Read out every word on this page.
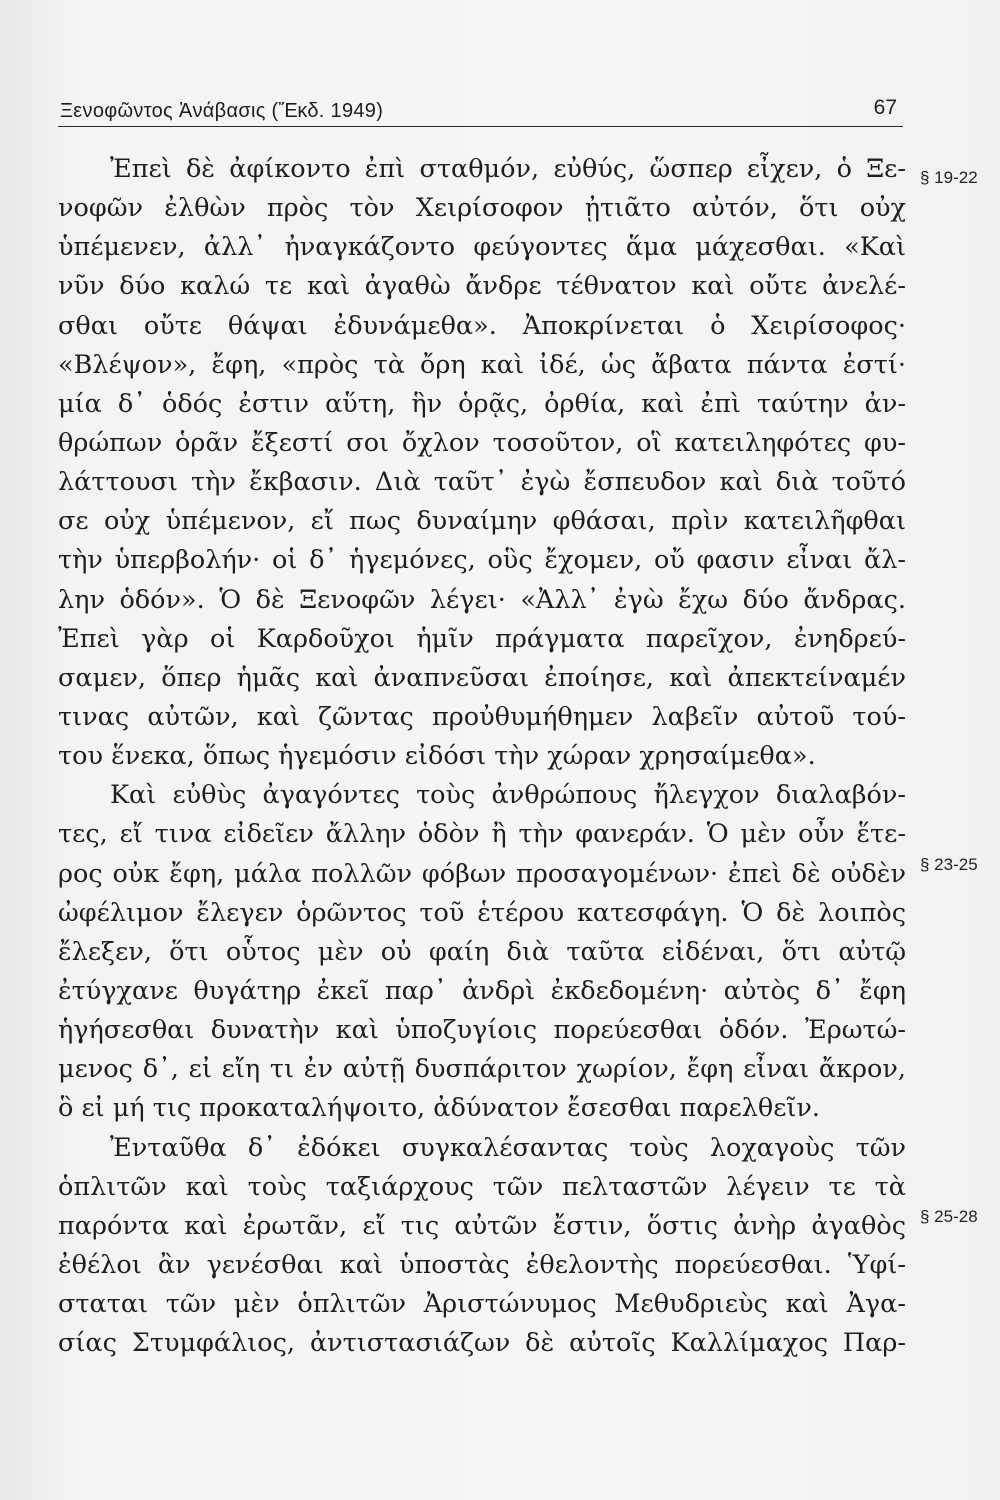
Ξενοφῶντος Ἀνάβασις (Ἔκδ. 1949)	67
Ἐπεὶ δὲ ἀφίκοντο ἐπὶ σταθμόν, εὐθύς, ὥσπερ εἶχεν, ὁ Ξε-
νοφῶν ἐλθὼν πρὸς τὸν Χειρίσοφον ᾐτιᾶτο αὐτόν, ὅτι οὐχ
ὑπέμενεν, ἀλλ᾽ ἠναγκάζοντο φεύγοντες ἅμα μάχεσθαι. «Καὶ
νῦν δύο καλώ τε καὶ ἀγαθὼ ἄνδρε τέθνατον καὶ οὔτε ἀνελέ-
σθαι οὔτε θάψαι ἐδυνάμεθα». Ἀποκρίνεται ὁ Χειρίσοφος·
«Βλέψον», ἔφη, «πρὸς τὰ ὄρη καὶ ἰδέ, ὡς ἄβατα πάντα ἐστί·
μία δ᾽ ὁδός ἐστιν αὕτη, ἣν ὁρᾷς, ὀρθία, καὶ ἐπὶ ταύτην ἀν-
θρώπων ὁρᾶν ἔξεστί σοι ὄχλον τοσοῦτον, οἳ κατειληφότες φυ-
λάττουσι τὴν ἔκβασιν. Διὰ ταῦτ᾽ ἐγὼ ἔσπευδον καὶ διὰ τοῦτό
σε οὐχ ὑπέμενον, εἴ πως δυναίμην φθάσαι, πρὶν κατειλῆφθαι
τὴν ὑπερβολήν· οἱ δ᾽ ἡγεμόνες, οὓς ἔχομεν, οὔ φασιν εἶναι ἄλ-
λην ὁδόν». Ὁ δὲ Ξενοφῶν λέγει· «Ἀλλ᾽ ἐγὼ ἔχω δύο ἄνδρας.
Ἐπεὶ γὰρ οἱ Καρδοῦχοι ἡμῖν πράγματα παρεῖχον, ἐνηδρεύ-
σαμεν, ὅπερ ἡμᾶς καὶ ἀναπνεῦσαι ἐποίησε, καὶ ἀπεκτείναμέν
τινας αὐτῶν, καὶ ζῶντας προὐθυμήθημεν λαβεῖν αὐτοῦ τού-
του ἕνεκα, ὅπως ἡγεμόσιν εἰδόσι τὴν χώραν χρησαίμεθα».
Καὶ εὐθὺς ἀγαγόντες τοὺς ἀνθρώπους ἤλεγχον διαλαβόν-
τες, εἴ τινα εἰδεῖεν ἄλλην ὁδὸν ἢ τὴν φανεράν. Ὁ μὲν οὖν ἕτε-
ρος οὐκ ἔφη, μάλα πολλῶν φόβων προσαγομένων· ἐπεὶ δὲ οὐδὲν
ὠφέλιμον ἔλεγεν ὁρῶντος τοῦ ἑτέρου κατεσφάγη. Ὁ δὲ λοιπὸς
ἔλεξεν, ὅτι οὗτος μὲν οὐ φαίη διὰ ταῦτα εἰδέναι, ὅτι αὐτῷ
ἐτύγχανε θυγάτηρ ἐκεῖ παρ᾽ ἀνδρὶ ἐκδεδομένη· αὐτὸς δ᾽ ἔφη
ἡγήσεσθαι δυνατὴν καὶ ὑποζυγίοις πορεύεσθαι ὁδόν. Ἐρωτώ-
μενος δ᾽, εἰ εἴη τι ἐν αὐτῇ δυσπάριτον χωρίον, ἔφη εἶναι ἄκρον,
ὃ εἰ μή τις προκαταλήψοιτο, ἀδύνατον ἔσεσθαι παρελθεῖν.
Ἐνταῦθα δ᾽ ἐδόκει συγκαλέσαντας τοὺς λοχαγοὺς τῶν
ὁπλιτῶν καὶ τοὺς ταξιάρχους τῶν πελταστῶν λέγειν τε τὰ
παρόντα καὶ ἐρωτᾶν, εἴ τις αὐτῶν ἔστιν, ὅστις ἀνὴρ ἀγαθὸς
ἐθέλοι ἂν γενέσθαι καὶ ὑποστὰς ἐθελοντὴς πορεύεσθαι. Ὑφί-
σταται τῶν μὲν ὁπλιτῶν Ἀριστώνυμος Μεθυδριεὺς καὶ Ἀγα-
σίας Στυμφάλιος, ἀντιστασιάζων δὲ αὐτοῖς Καλλίμαχος Παρ-
§ 19-22
§ 23-25
§ 25-28
